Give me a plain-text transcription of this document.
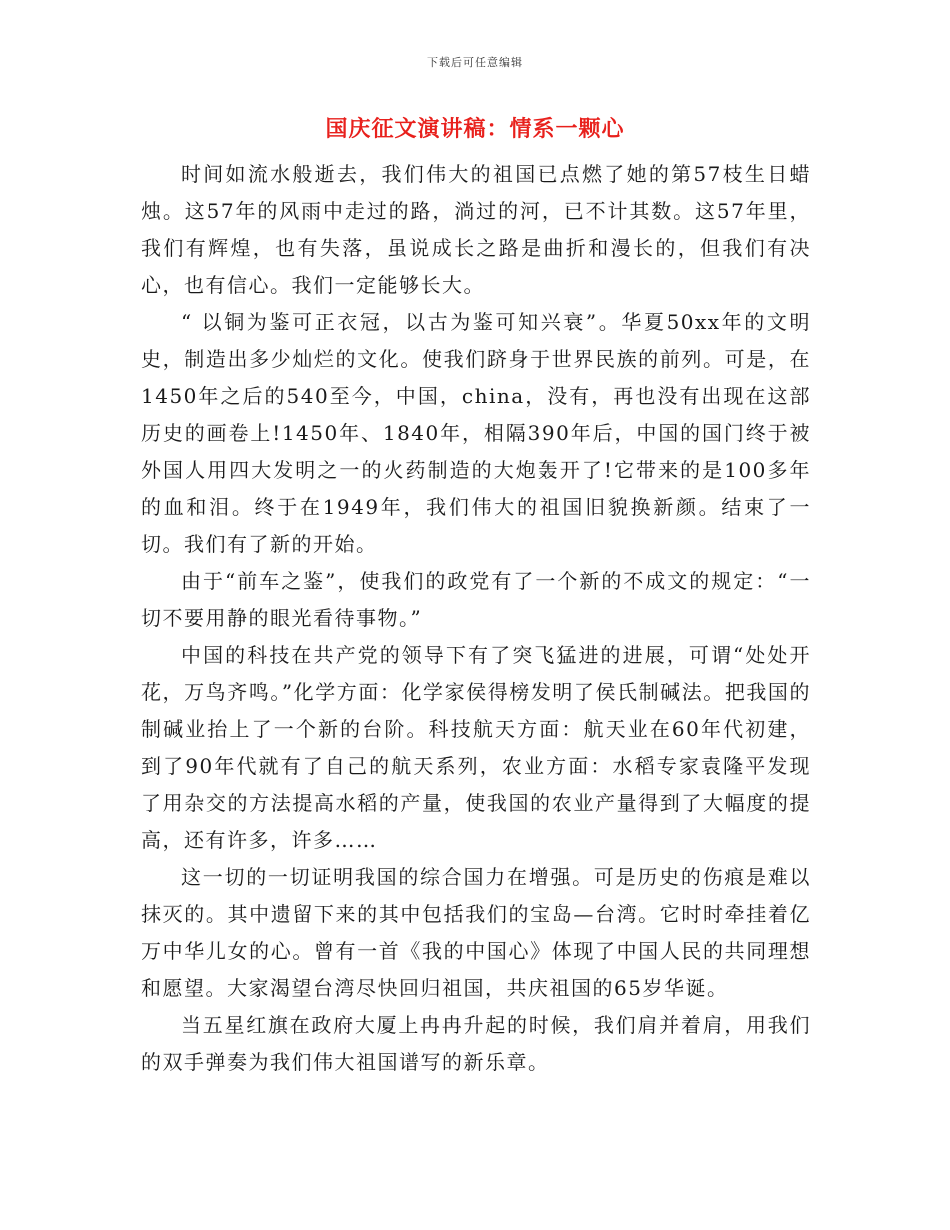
下载后可任意编辑
国庆征文演讲稿：情系一颗心

时间如流水般逝去，我们伟大的祖国已点燃了她的第57枝生日蜡烛。这57年的风雨中走过的路，淌过的河，已不计其数。这57年里，我们有辉煌，也有失落，虽说成长之路是曲折和漫长的，但我们有决心，也有信心。我们一定能够长大。

“ 以铜为鉴可正衣冠，以古为鉴可知兴衰”。华夏50xx年的文明史，制造出多少灿烂的文化。使我们跻身于世界民族的前列。可是，在1450年之后的540至今，中国，china，没有，再也没有出现在这部历史的画卷上!1450年、1840年，相隔390年后，中国的国门终于被外国人用四大发明之一的火药制造的大炮轰开了!它带来的是100多年的血和泪。终于在1949年，我们伟大的祖国旧貌换新颜。结束了一切。我们有了新的开始。

由于“前车之鉴”，使我们的政党有了一个新的不成文的规定：“一切不要用静的眼光看待事物。”

中国的科技在共产党的领导下有了突飞猛进的进展，可谓“处处开花，万鸟齐鸣。”化学方面：化学家侯得榜发明了侯氏制碱法。把我国的制碱业抬上了一个新的台阶。科技航天方面：航天业在60年代初建，到了90年代就有了自己的航天系列，农业方面：水稻专家袁隆平发现了用杂交的方法提高水稻的产量，使我国的农业产量得到了大幅度的提高，还有许多，许多……

这一切的一切证明我国的综合国力在增强。可是历史的伤痕是难以抹灭的。其中遗留下来的其中包括我们的宝岛—台湾。它时时牵挂着亿万中华儿女的心。曾有一首《我的中国心》体现了中国人民的共同理想和愿望。大家渴望台湾尽快回归祖国，共庆祖国的65岁华诞。

当五星红旗在政府大厦上冉冉升起的时候，我们肩并着肩，用我们的双手弹奏为我们伟大祖国谱写的新乐章。
